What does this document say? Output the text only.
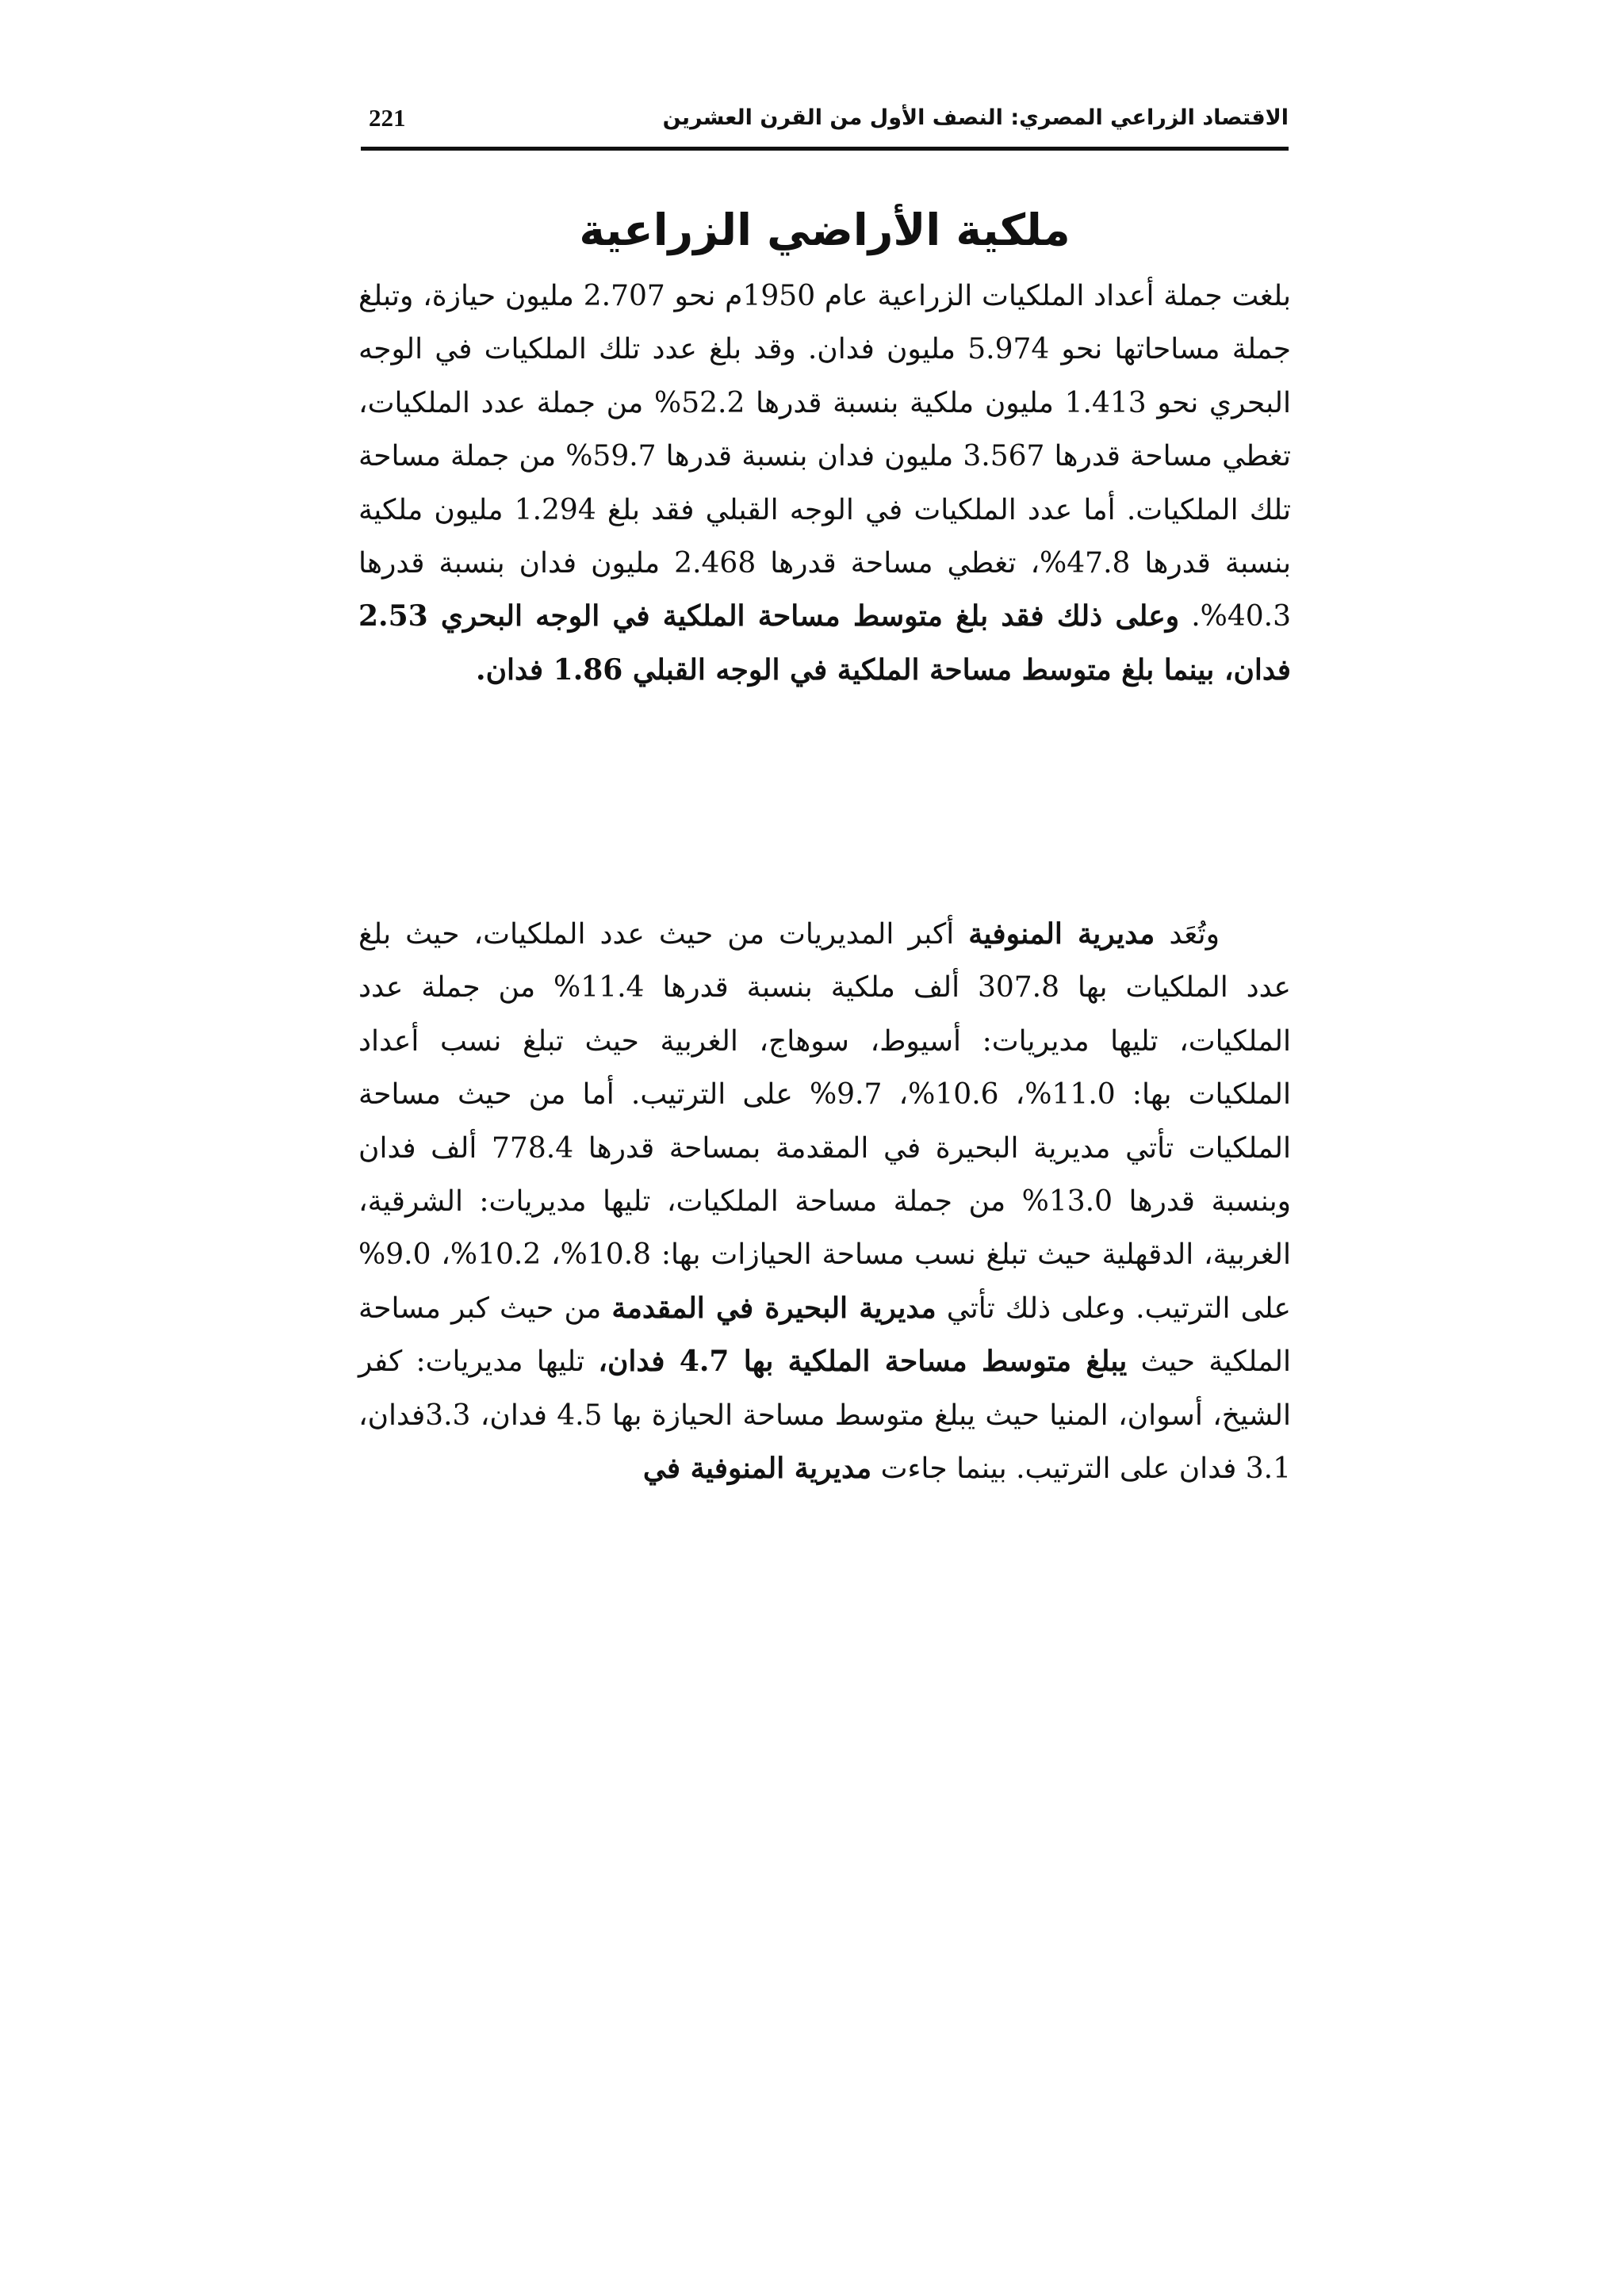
الاقتصاد الزراعي المصري: النصف الأول من القرن العشرين
221
ملكية الأراضي الزراعية

بلغت جملة أعداد الملكيات الزراعية عام 1950م نحو 2.707 مليون حيازة، وتبلغ جملة مساحاتها نحو 5.974 مليون فدان. وقد بلغ عدد تلك الملكيات في الوجه البحري نحو 1.413 مليون ملكية بنسبة قدرها 52.2% من جملة عدد الملكيات، تغطي مساحة قدرها 3.567 مليون فدان بنسبة قدرها 59.7% من جملة مساحة تلك الملكيات. أما عدد الملكيات في الوجه القبلي فقد بلغ 1.294 مليون ملكية بنسبة قدرها 47.8%، تغطي مساحة قدرها 2.468 مليون فدان بنسبة قدرها 40.3%. وعلى ذلك فقد بلغ متوسط مساحة الملكية في الوجه البحري 2.53 فدان، بينما بلغ متوسط مساحة الملكية في الوجه القبلي 1.86 فدان.

وتُعَد مديرية المنوفية أكبر المديريات من حيث عدد الملكيات، حيث بلغ عدد الملكيات بها 307.8 ألف ملكية بنسبة قدرها 11.4% من جملة عدد الملكيات، تليها مديريات: أسيوط، سوهاج، الغربية حيث تبلغ نسب أعداد الملكيات بها: 11.0%، 10.6%، 9.7% على الترتيب. أما من حيث مساحة الملكيات تأتي مديرية البحيرة في المقدمة بمساحة قدرها 778.4 ألف فدان وبنسبة قدرها 13.0% من جملة مساحة الملكيات، تليها مديريات: الشرقية، الغربية، الدقهلية حيث تبلغ نسب مساحة الحيازات بها: 10.8%، 10.2%، 9.0% على الترتيب. وعلى ذلك تأتي مديرية البحيرة في المقدمة من حيث كبر مساحة الملكية حيث يبلغ متوسط مساحة الملكية بها 4.7 فدان، تليها مديريات: كفر الشيخ، أسوان، المنيا حيث يبلغ متوسط مساحة الحيازة بها 4.5 فدان، 3.3فدان، 3.1 فدان على الترتيب. بينما جاءت مديرية المنوفية في
